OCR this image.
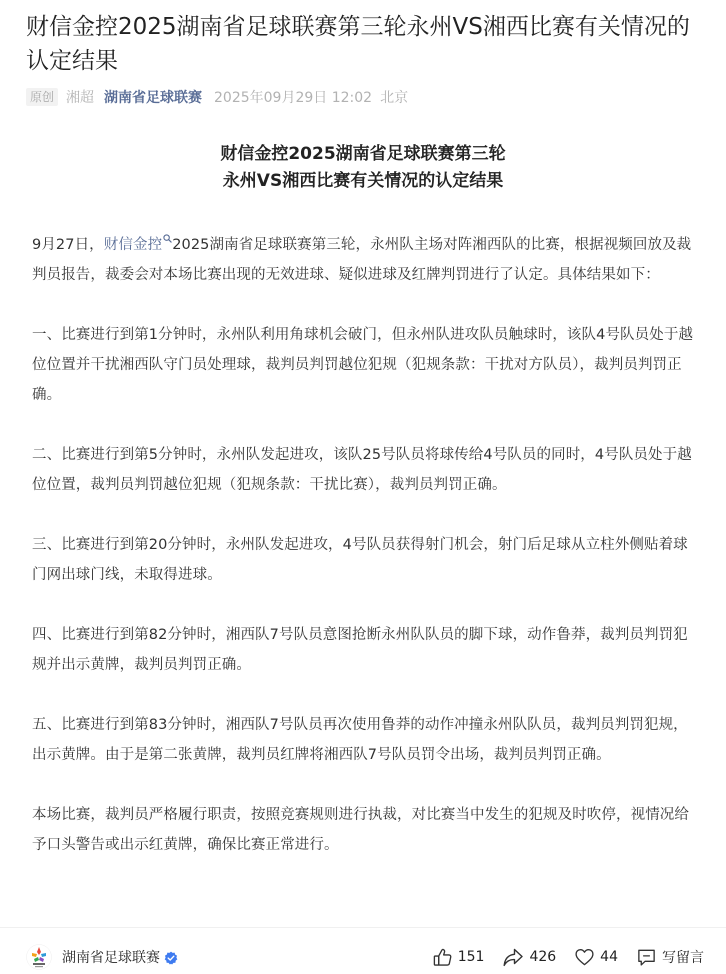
财信金控2025湖南省足球联赛第三轮永州VS湘西比赛有关情况的认定结果
原创 湘超 湖南省足球联赛 2025年09月29日 12:02 北京
财信金控2025湖南省足球联赛第三轮
永州VS湘西比赛有关情况的认定结果

9月27日，财信金控 2025湖南省足球联赛第三轮，永州队主场对阵湘西队的比赛，根据视频回放及裁判员报告，裁委会对本场比赛出现的无效进球、疑似进球及红牌判罚进行了认定。具体结果如下：

一、比赛进行到第1分钟时，永州队利用角球机会破门，但永州队进攻队员触球时，该队4号队员处于越位位置并干扰湘西队守门员处理球，裁判员判罚越位犯规（犯规条款：干扰对方队员），裁判员判罚正确。

二、比赛进行到第5分钟时，永州队发起进攻，该队25号队员将球传给4号队员的同时，4号队员处于越位位置，裁判员判罚越位犯规（犯规条款：干扰比赛），裁判员判罚正确。

三、比赛进行到第20分钟时，永州队发起进攻，4号队员获得射门机会，射门后足球从立柱外侧贴着球门网出球门线，未取得进球。

四、比赛进行到第82分钟时，湘西队7号队员意图抢断永州队队员的脚下球，动作鲁莽，裁判员判罚犯规并出示黄牌，裁判员判罚正确。

五、比赛进行到第83分钟时，湘西队7号队员再次使用鲁莽的动作冲撞永州队队员，裁判员判罚犯规，出示黄牌。由于是第二张黄牌，裁判员红牌将湘西队7号队员罚令出场，裁判员判罚正确。

本场比赛，裁判员严格履行职责，按照竞赛规则进行执裁，对比赛当中发生的犯规及时吹停，视情况给予口头警告或出示红黄牌，确保比赛正常进行。

湖南省足球联赛	151	426	44	写留言
